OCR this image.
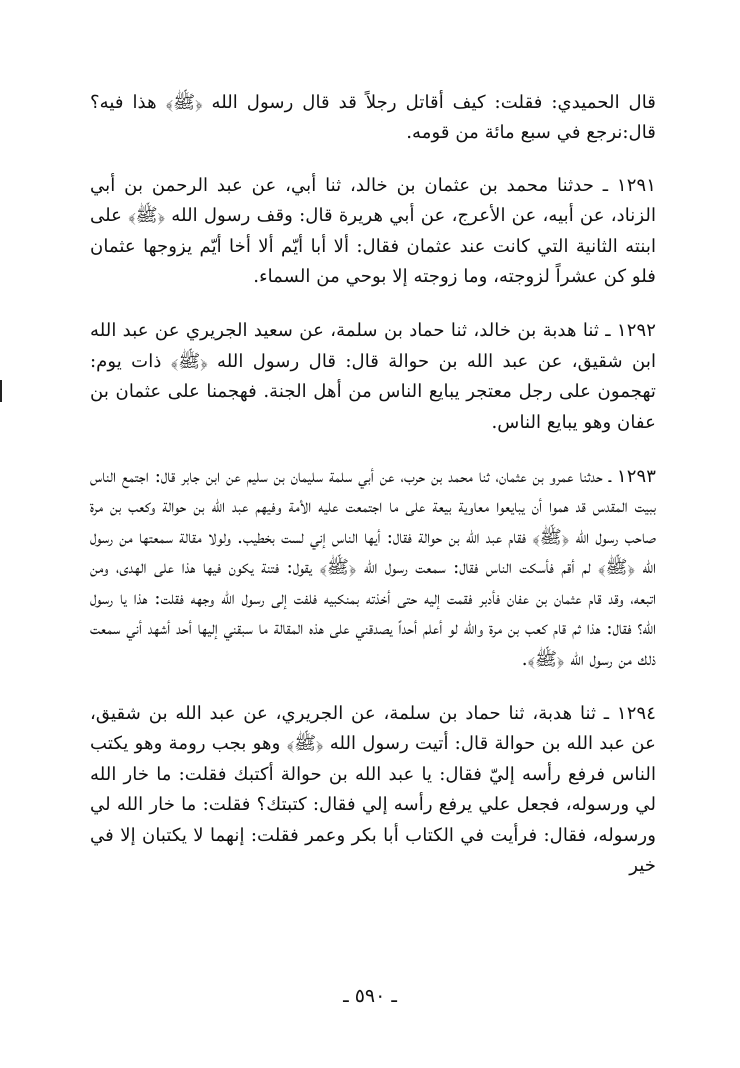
قال الحميدي: فقلت: كيف أقاتل رجلاً قد قال رسول الله ﴿ﷺ﴾ هذا فيه؟ قال:نرجع في سبع مائة من قومه.

١٢٩١ ـ حدثنا محمد بن عثمان بن خالد، ثنا أبي، عن عبد الرحمن بن أبي الزناد، عن أبيه، عن الأعرج، عن أبي هريرة قال: وقف رسول الله ﴿ﷺ﴾ على ابنته الثانية التي كانت عند عثمان فقال: ألا أبا أيّم ألا أخا أيّم يزوجها عثمان فلو كن عشراً لزوجته، وما زوجته إلا بوحي من السماء.

١٢٩٢ ـ ثنا هدبة بن خالد، ثنا حماد بن سلمة، عن سعيد الجريري عن عبد الله ابن شقيق، عن عبد الله بن حوالة قال: قال رسول الله ﴿ﷺ﴾ ذات يوم: تهجمون على رجل معتجر يبايع الناس من أهل الجنة. فهجمنا على عثمان بن عفان وهو يبايع الناس.

١٢٩٣ ـ حدثنا عمرو بن عثمان، ثنا محمد بن حرب، عن أبي سلمة سليمان بن سليم عن ابن جابر قال: اجتمع الناس ببيت المقدس قد هموا أن يبايعوا معاوية بيعة على ما اجتمعت عليه الأمة وفيهم عبد الله بن حوالة وكعب بن مرة صاحب رسول الله ﴿ﷺ﴾ فقام عبد الله بن حوالة فقال: أيها الناس إني لست بخطيب. ولولا مقالة سمعتها من رسول الله ﴿ﷺ﴾ لم أقم فأسكت الناس فقال: سمعت رسول الله ﴿ﷺ﴾ يقول: فتنة يكون فيها هذا على الهدى، ومن اتبعه، وقد قام عثمان بن عفان فأدبر فقمت إليه حتى أخذته بمنكبيه فلفت إلى رسول الله وجهه فقلت: هذا يا رسول الله؟ فقال: هذا ثم قام كعب بن مرة والله لو أعلم أحداً يصدقني على هذه المقالة ما سبقني إليها أحد أشهد أني سمعت ذلك من رسول الله ﴿ﷺ﴾.

١٢٩٤ ـ ثنا هدبة، ثنا حماد بن سلمة، عن الجريري، عن عبد الله بن شقيق، عن عبد الله بن حوالة قال: أتيت رسول الله ﴿ﷺ﴾ وهو بجب رومة وهو يكتب الناس فرفع رأسه إليّ فقال: يا عبد الله بن حوالة أكتبك فقلت: ما خار الله لي ورسوله، فجعل علي يرفع رأسه إلي فقال: كتبتك؟ فقلت: ما خار الله لي ورسوله، فقال: فرأيت في الكتاب أبا بكر وعمر فقلت: إنهما لا يكتبان إلا في خير

ـ ٥٩٠ ـ
